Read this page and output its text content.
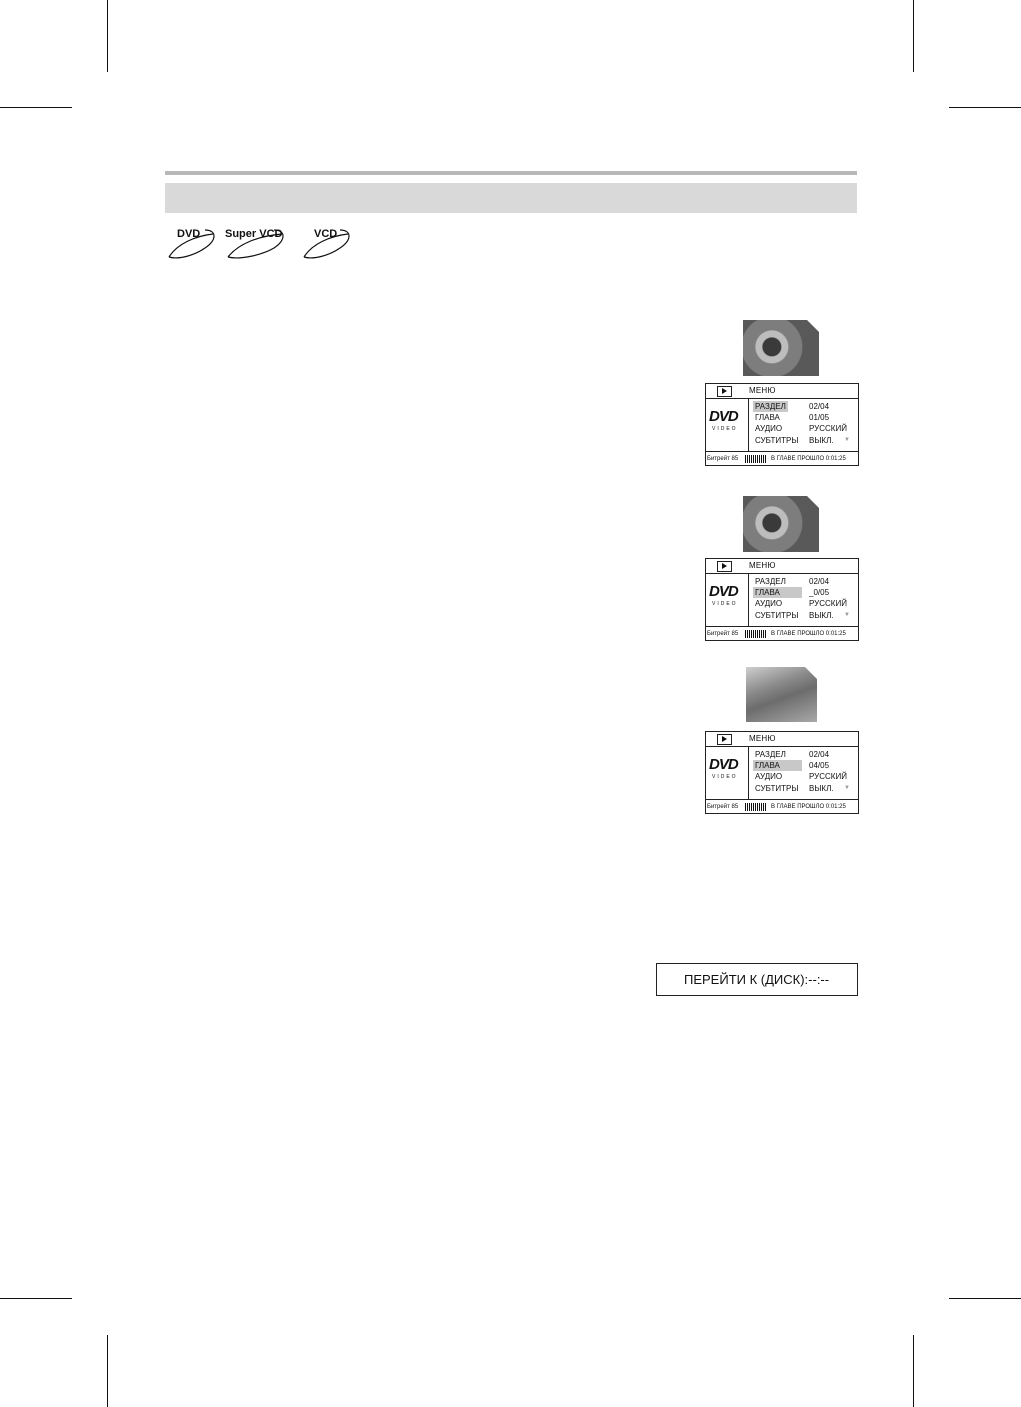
DVD Super VCD	VCD
МЕНЮ
DVD
VIDEO
РАЗДЕЛ	02/04
ГЛАВА	01/05
АУДИО	РУССКИЙ
СУБТИТРЫ ВЫКЛ. ▼
Битрейт 85	В ГЛАВЕ ПРОШЛО 0:01:25
МЕНЮ
DVD
VIDEO
РАЗДЕЛ	02/04
ГЛАВА	_0/05
АУДИО	РУССКИЙ
СУБТИТРЫ ВЫКЛ. ▼
Битрейт 85	В ГЛАВЕ ПРОШЛО 0:01:25
МЕНЮ
DVD
VIDEO
РАЗДЕЛ	02/04
ГЛАВА	04/05
АУДИО	РУССКИЙ
СУБТИТРЫ ВЫКЛ. ▼
Битрейт 85	В ГЛАВЕ ПРОШЛО 0:01:25
ПЕРЕЙТИ К (ДИСК):--:--
